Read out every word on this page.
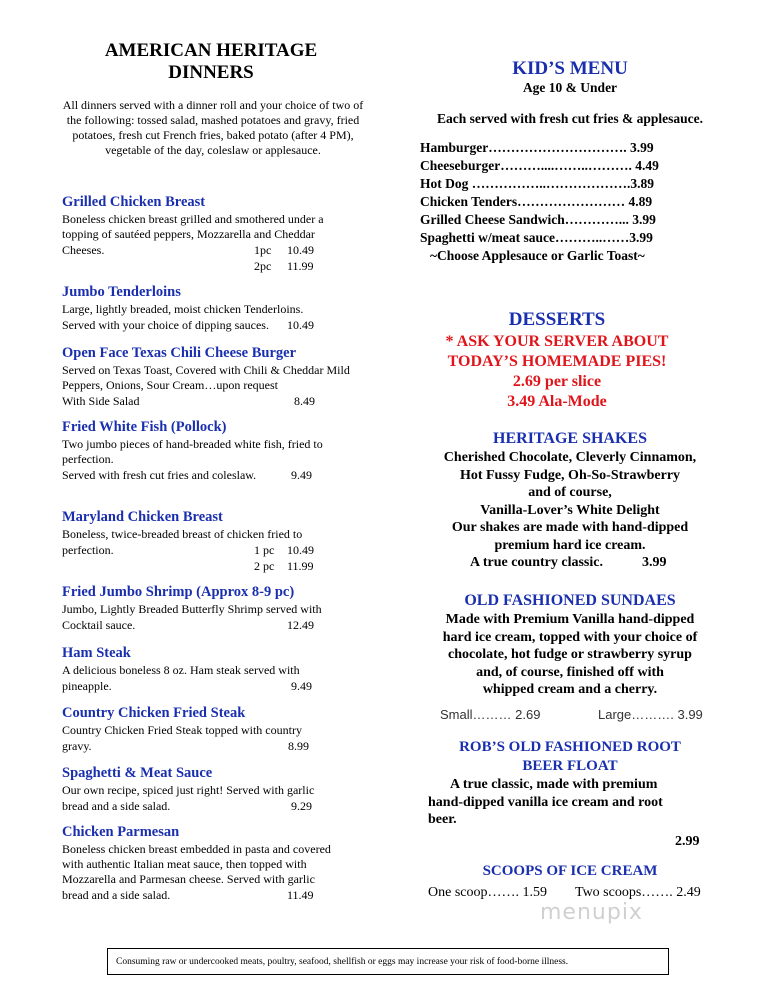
AMERICAN HERITAGE
DINNERS
All dinners served with a dinner roll and your choice of two of the following: tossed salad, mashed potatoes and gravy, fried potatoes, fresh cut French fries, baked potato (after 4 PM), vegetable of the day, coleslaw or applesauce.
Grilled Chicken Breast
Boneless chicken breast grilled and smothered under a topping of sautéed peppers, Mozzarella and Cheddar
Cheeses.	1pc 10.49
2pc 11.99
Jumbo Tenderloins
Large, lightly breaded, moist chicken Tenderloins.
Served with your choice of dipping sauces. 10.49
Open Face Texas Chili Cheese Burger
Served on Texas Toast, Covered with Chili & Cheddar Mild Peppers, Onions, Sour Cream…upon request
With Side Salad	8.49
Fried White Fish (Pollock)
Two jumbo pieces of hand-breaded white fish, fried to perfection.
Served with fresh cut fries and coleslaw.	9.49
Maryland Chicken Breast
Boneless, twice-breaded breast of chicken fried to
perfection.	1 pc 10.49
2 pc 11.99
Fried Jumbo Shrimp (Approx 8-9 pc)
Jumbo, Lightly Breaded Butterfly Shrimp served with
Cocktail sauce.	12.49
Ham Steak
A delicious boneless 8 oz. Ham steak served with
pineapple.	9.49
Country Chicken Fried Steak
Country Chicken Fried Steak topped with country
gravy.	8.99
Spaghetti & Meat Sauce
Our own recipe, spiced just right! Served with garlic
bread and a side salad.	9.29
Chicken Parmesan
Boneless chicken breast embedded in pasta and covered with authentic Italian meat sauce, then topped with Mozzarella and Parmesan cheese. Served with garlic
bread and a side salad.	11.49
KID’S MENU
Age 10 & Under
Each served with fresh cut fries & applesauce.
Hamburger…………………………. 3.99
Cheeseburger………....……..………. 4.49
Hot Dog ……………..……………….3.89
Chicken Tenders…………………… 4.89
Grilled Cheese Sandwich…………... 3.99
Spaghetti w/meat sauce………..……3.99
~Choose Applesauce or Garlic Toast~
DESSERTS
* ASK YOUR SERVER ABOUT
TODAY’S HOMEMADE PIES!
2.69 per slice
3.49 Ala-Mode
HERITAGE SHAKES
Cherished Chocolate, Cleverly Cinnamon,
Hot Fussy Fudge, Oh-So-Strawberry
and of course,
Vanilla-Lover’s White Delight
Our shakes are made with hand-dipped
premium hard ice cream.
A true country classic.	3.99
OLD FASHIONED SUNDAES
Made with Premium Vanilla hand-dipped
hard ice cream, topped with your choice of
chocolate, hot fudge or strawberry syrup
and, of course, finished off with
whipped cream and a cherry.
Small……… 2.69	Large………. 3.99
ROB’S OLD FASHIONED ROOT
BEER FLOAT
A true classic, made with premium
hand-dipped vanilla ice cream and root
beer.
2.99
SCOOPS OF ICE CREAM
One scoop……. 1.59 Two scoops……. 2.49
menupix
Consuming raw or undercooked meats, poultry, seafood, shellfish or eggs may increase your risk of food-borne illness.
